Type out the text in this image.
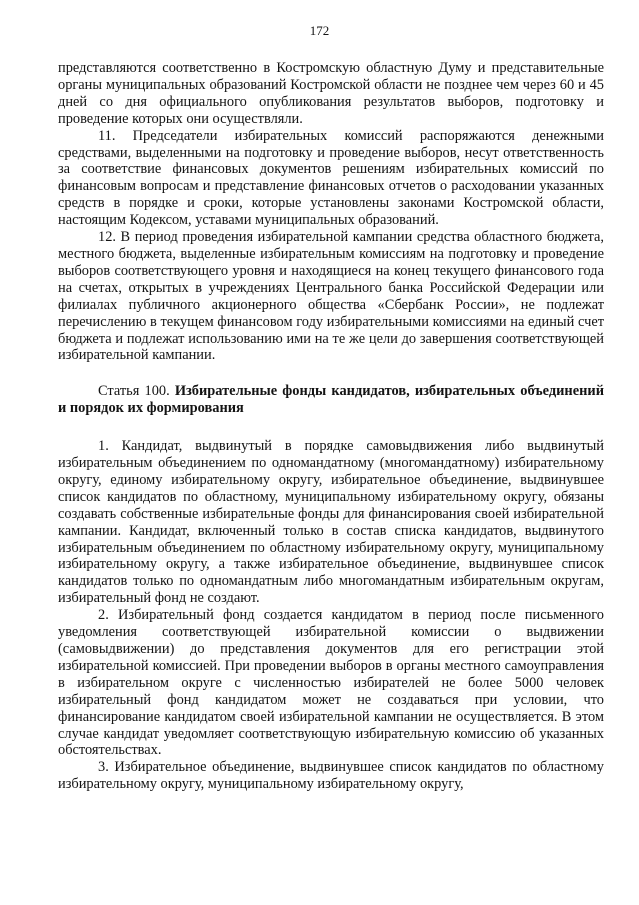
172

представляются соответственно в Костромскую областную Думу и представительные органы муниципальных образований Костромской области не позднее чем через 60 и 45 дней со дня официального опубликования результатов выборов, подготовку и проведение которых они осуществляли.

11. Председатели избирательных комиссий распоряжаются денежными средствами, выделенными на подготовку и проведение выборов, несут ответственность за соответствие финансовых документов решениям избирательных комиссий по финансовым вопросам и представление финансовых отчетов о расходовании указанных средств в порядке и сроки, которые установлены законами Костромской области, настоящим Кодексом, уставами муниципальных образований.

12. В период проведения избирательной кампании средства областного бюджета, местного бюджета, выделенные избирательным комиссиям на подготовку и проведение выборов соответствующего уровня и находящиеся на конец текущего финансового года на счетах, открытых в учреждениях Центрального банка Российской Федерации или филиалах публичного акционерного общества «Сбербанк России», не подлежат перечислению в текущем финансовом году избирательными комиссиями на единый счет бюджета и подлежат использованию ими на те же цели до завершения соответствующей избирательной кампании.

Статья 100. Избирательные фонды кандидатов, избирательных объединений и порядок их формирования

1. Кандидат, выдвинутый в порядке самовыдвижения либо выдвинутый избирательным объединением по одномандатному (многомандатному) избирательному округу, единому избирательному округу, избирательное объединение, выдвинувшее список кандидатов по областному, муниципальному избирательному округу, обязаны создавать собственные избирательные фонды для финансирования своей избирательной кампании. Кандидат, включенный только в состав списка кандидатов, выдвинутого избирательным объединением по областному избирательному округу, муниципальному избирательному округу, а также избирательное объединение, выдвинувшее список кандидатов только по одномандатным либо многомандатным избирательным округам, избирательный фонд не создают.

2. Избирательный фонд создается кандидатом в период после письменного уведомления соответствующей избирательной комиссии о выдвижении (самовыдвижении) до представления документов для его регистрации этой избирательной комиссией. При проведении выборов в органы местного самоуправления в избирательном округе с численностью избирателей не более 5000 человек избирательный фонд кандидатом может не создаваться при условии, что финансирование кандидатом своей избирательной кампании не осуществляется. В этом случае кандидат уведомляет соответствующую избирательную комиссию об указанных обстоятельствах.

3. Избирательное объединение, выдвинувшее список кандидатов по областному избирательному округу, муниципальному избирательному округу,
